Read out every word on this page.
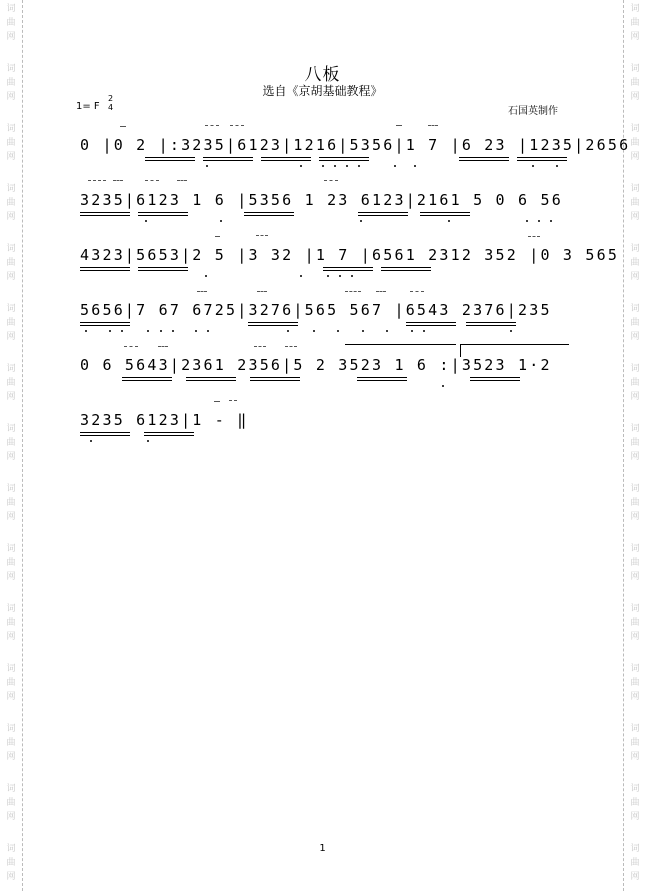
词
曲
网
词
曲
网
词
曲
网
词
曲
网
词
曲
网
词
曲
网
词
曲
网
词
曲
网
词
曲
网
词
曲
网
词
曲
网
词
曲
网
词
曲
网
词
曲
网
词
曲
网
词
曲
网
词
曲
网
词
曲
网
词
曲
网
词
曲
网
词
曲
网
词
曲
网
词
曲
网
词
曲
网
词
曲
网
词
曲
网
词
曲
网
词
曲
网
词
曲
网
词
曲
网
八板
选自《京胡基础教程》
1= F
2
4	石国英制作
0 |0 2 |:3235|6123|1216|5356|1 7 |6 23 |1235|2656
3235|6123 1 6 |5356 1 23 6123|2161 5 0 6 56
4323|5653|2 5 |3 32 |1 7 |6561 2312 352 |0 3 565
5656|7 67 6725|3276|565 567 |6543 2376|235
0 6 5643|2361 2356|5 2 3523 1 6 :|3523 1·2
3235 6123|1 - ‖
1
